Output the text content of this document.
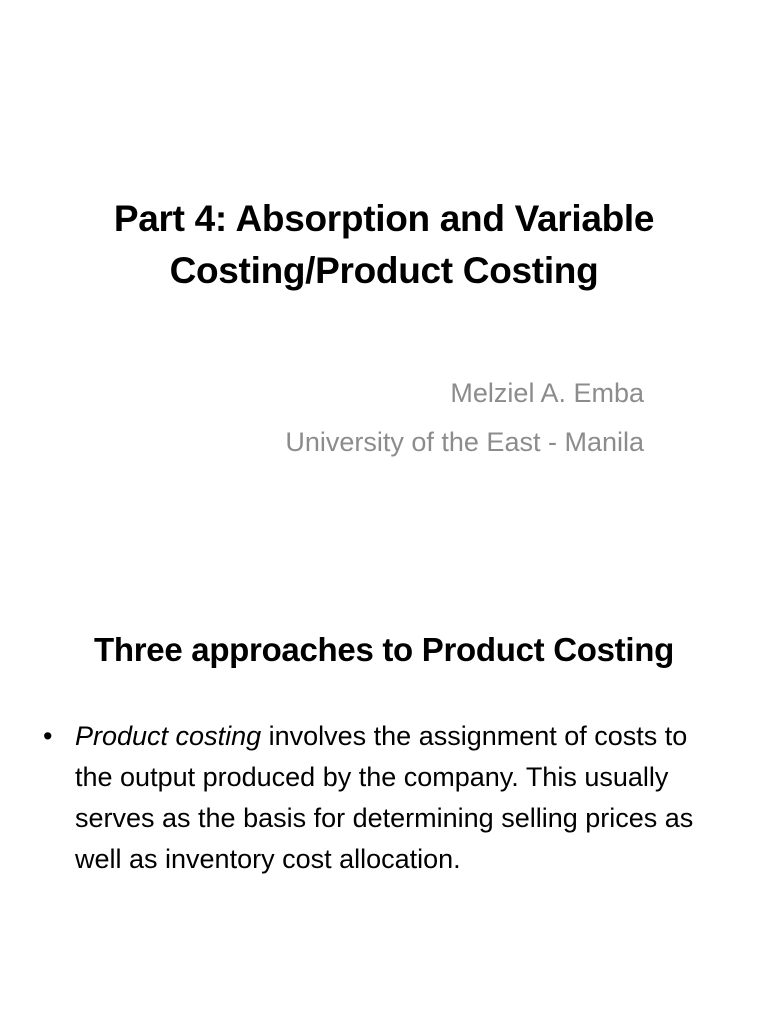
Part 4: Absorption and Variable
Costing/Product Costing
Melziel A. Emba
University of the East - Manila
Three approaches to Product Costing
• Product costing involves the assignment of costs to the output produced by the company. This usually serves as the basis for determining selling prices as well as inventory cost allocation.
